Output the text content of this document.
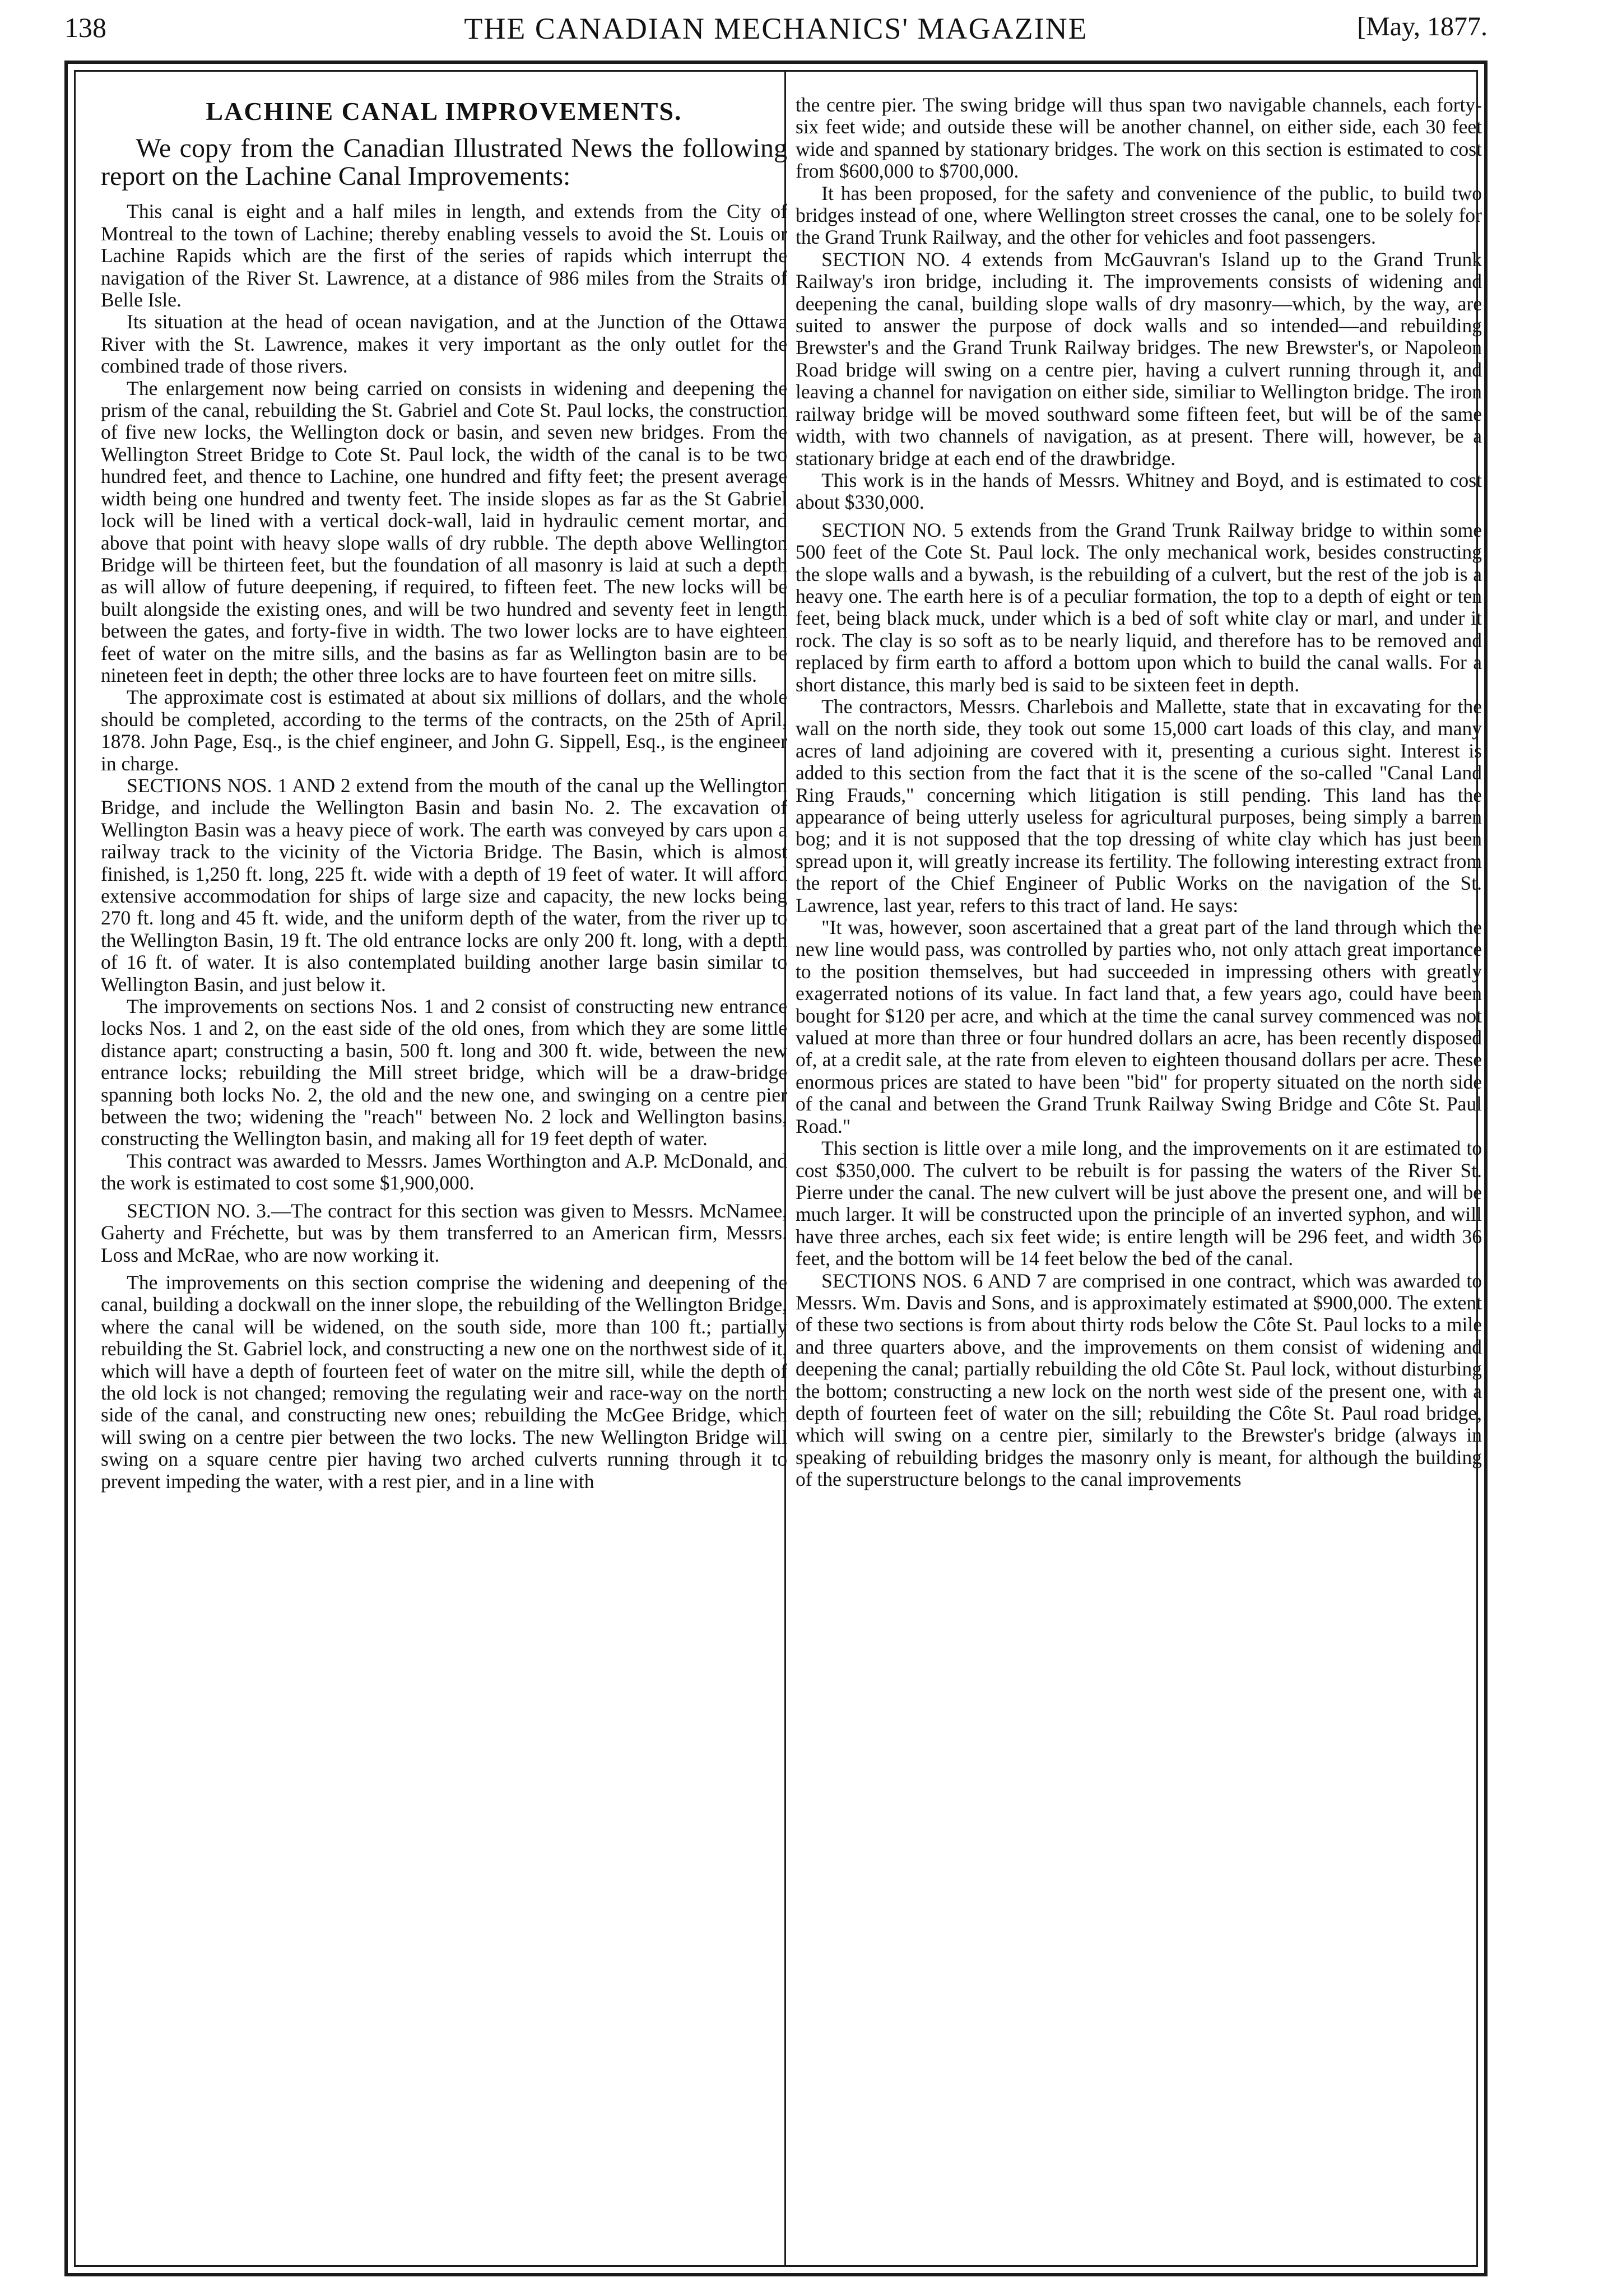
138	THE CANADIAN MECHANICS' MAGAZINE	[May, 1877.
LACHINE CANAL IMPROVEMENTS.

We copy from the Canadian Illustrated News the following report on the Lachine Canal Improvements:

This canal is eight and a half miles in length, and extends from the City of Montreal to the town of Lachine; thereby enabling vessels to avoid the St. Louis or Lachine Rapids which are the first of the series of rapids which interrupt the navigation of the River St. Lawrence, at a distance of 986 miles from the Straits of Belle Isle.

Its situation at the head of ocean navigation, and at the Junction of the Ottawa River with the St. Lawrence, makes it very important as the only outlet for the combined trade of those rivers.

The enlargement now being carried on consists in widening and deepening the prism of the canal, rebuilding the St. Gabriel and Cote St. Paul locks, the construction of five new locks, the Wellington dock or basin, and seven new bridges. From the Wellington Street Bridge to Cote St. Paul lock, the width of the canal is to be two hundred feet, and thence to Lachine, one hundred and fifty feet; the present average width being one hundred and twenty feet. The inside slopes as far as the St Gabriel lock will be lined with a vertical dock-wall, laid in hydraulic cement mortar, and above that point with heavy slope walls of dry rubble. The depth above Wellington Bridge will be thirteen feet, but the foundation of all masonry is laid at such a depth as will allow of future deepening, if required, to fifteen feet. The new locks will be built alongside the existing ones, and will be two hundred and seventy feet in length between the gates, and forty-five in width. The two lower locks are to have eighteen feet of water on the mitre sills, and the basins as far as Wellington basin are to be nineteen feet in depth; the other three locks are to have fourteen feet on mitre sills.

The approximate cost is estimated at about six millions of dollars, and the whole should be completed, according to the terms of the contracts, on the 25th of April, 1878. John Page, Esq., is the chief engineer, and John G. Sippell, Esq., is the engineer in charge.

SECTIONS NOS. 1 AND 2 extend from the mouth of the canal up the Wellington Bridge, and include the Wellington Basin and basin No. 2. The excavation of Wellington Basin was a heavy piece of work. The earth was conveyed by cars upon a railway track to the vicinity of the Victoria Bridge. The Basin, which is almost finished, is 1,250 ft. long, 225 ft. wide with a depth of 19 feet of water. It will afford extensive accommodation for ships of large size and capacity, the new locks being 270 ft. long and 45 ft. wide, and the uniform depth of the water, from the river up to the Wellington Basin, 19 ft. The old entrance locks are only 200 ft. long, with a depth of 16 ft. of water. It is also contemplated building another large basin similar to Wellington Basin, and just below it.

The improvements on sections Nos. 1 and 2 consist of constructing new entrance locks Nos. 1 and 2, on the east side of the old ones, from which they are some little distance apart; constructing a basin, 500 ft. long and 300 ft. wide, between the new entrance locks; rebuilding the Mill street bridge, which will be a draw-bridge spanning both locks No. 2, the old and the new one, and swinging on a centre pier between the two; widening the "reach" between No. 2 lock and Wellington basins, constructing the Wellington basin, and making all for 19 feet depth of water.

This contract was awarded to Messrs. James Worthington and A.P. McDonald, and the work is estimated to cost some $1,900,000.

SECTION NO. 3.—The contract for this section was given to Messrs. McNamee, Gaherty and Fréchette, but was by them transferred to an American firm, Messrs. Loss and McRae, who are now working it.

The improvements on this section comprise the widening and deepening of the canal, building a dockwall on the inner slope, the rebuilding of the Wellington Bridge, where the canal will be widened, on the south side, more than 100 ft.; partially rebuilding the St. Gabriel lock, and constructing a new one on the northwest side of it, which will have a depth of fourteen feet of water on the mitre sill, while the depth of the old lock is not changed; removing the regulating weir and race-way on the north side of the canal, and constructing new ones; rebuilding the McGee Bridge, which will swing on a centre pier between the two locks. The new Wellington Bridge will swing on a square centre pier having two arched culverts running through it to prevent impeding the water, with a rest pier, and in a line with

the centre pier. The swing bridge will thus span two navigable channels, each forty-six feet wide; and outside these will be another channel, on either side, each 30 feet wide and spanned by stationary bridges. The work on this section is estimated to cost from $600,000 to $700,000.

It has been proposed, for the safety and convenience of the public, to build two bridges instead of one, where Wellington street crosses the canal, one to be solely for the Grand Trunk Railway, and the other for vehicles and foot passengers.

SECTION NO. 4 extends from McGauvran's Island up to the Grand Trunk Railway's iron bridge, including it. The improvements consists of widening and deepening the canal, building slope walls of dry masonry—which, by the way, are suited to answer the purpose of dock walls and so intended—and rebuilding Brewster's and the Grand Trunk Railway bridges. The new Brewster's, or Napoleon Road bridge will swing on a centre pier, having a culvert running through it, and leaving a channel for navigation on either side, similiar to Wellington bridge. The iron railway bridge will be moved southward some fifteen feet, but will be of the same width, with two channels of navigation, as at present. There will, however, be a stationary bridge at each end of the drawbridge.

This work is in the hands of Messrs. Whitney and Boyd, and is estimated to cost about $330,000.

SECTION NO. 5 extends from the Grand Trunk Railway bridge to within some 500 feet of the Cote St. Paul lock. The only mechanical work, besides constructing the slope walls and a bywash, is the rebuilding of a culvert, but the rest of the job is a heavy one. The earth here is of a peculiar formation, the top to a depth of eight or ten feet, being black muck, under which is a bed of soft white clay or marl, and under it rock. The clay is so soft as to be nearly liquid, and therefore has to be removed and replaced by firm earth to afford a bottom upon which to build the canal walls. For a short distance, this marly bed is said to be sixteen feet in depth.

The contractors, Messrs. Charlebois and Mallette, state that in excavating for the wall on the north side, they took out some 15,000 cart loads of this clay, and many acres of land adjoining are covered with it, presenting a curious sight. Interest is added to this section from the fact that it is the scene of the so-called "Canal Land Ring Frauds," concerning which litigation is still pending. This land has the appearance of being utterly useless for agricultural purposes, being simply a barren bog; and it is not supposed that the top dressing of white clay which has just been spread upon it, will greatly increase its fertility. The following interesting extract from the report of the Chief Engineer of Public Works on the navigation of the St. Lawrence, last year, refers to this tract of land. He says:

"It was, however, soon ascertained that a great part of the land through which the new line would pass, was controlled by parties who, not only attach great importance to the position themselves, but had succeeded in impressing others with greatly exagerrated notions of its value. In fact land that, a few years ago, could have been bought for $120 per acre, and which at the time the canal survey commenced was not valued at more than three or four hundred dollars an acre, has been recently disposed of, at a credit sale, at the rate from eleven to eighteen thousand dollars per acre. These enormous prices are stated to have been "bid" for property situated on the north side of the canal and between the Grand Trunk Railway Swing Bridge and Côte St. Paul Road."

This section is little over a mile long, and the improvements on it are estimated to cost $350,000. The culvert to be rebuilt is for passing the waters of the River St. Pierre under the canal. The new culvert will be just above the present one, and will be much larger. It will be constructed upon the principle of an inverted syphon, and will have three arches, each six feet wide; is entire length will be 296 feet, and width 36 feet, and the bottom will be 14 feet below the bed of the canal.

SECTIONS NOS. 6 AND 7 are comprised in one contract, which was awarded to Messrs. Wm. Davis and Sons, and is approximately estimated at $900,000. The extent of these two sections is from about thirty rods below the Côte St. Paul locks to a mile and three quarters above, and the improvements on them consist of widening and deepening the canal; partially rebuilding the old Côte St. Paul lock, without disturbing the bottom; constructing a new lock on the north west side of the present one, with a depth of fourteen feet of water on the sill; rebuilding the Côte St. Paul road bridge, which will swing on a centre pier, similarly to the Brewster's bridge (always in speaking of rebuilding bridges the masonry only is meant, for although the building of the superstructure belongs to the canal improvements
